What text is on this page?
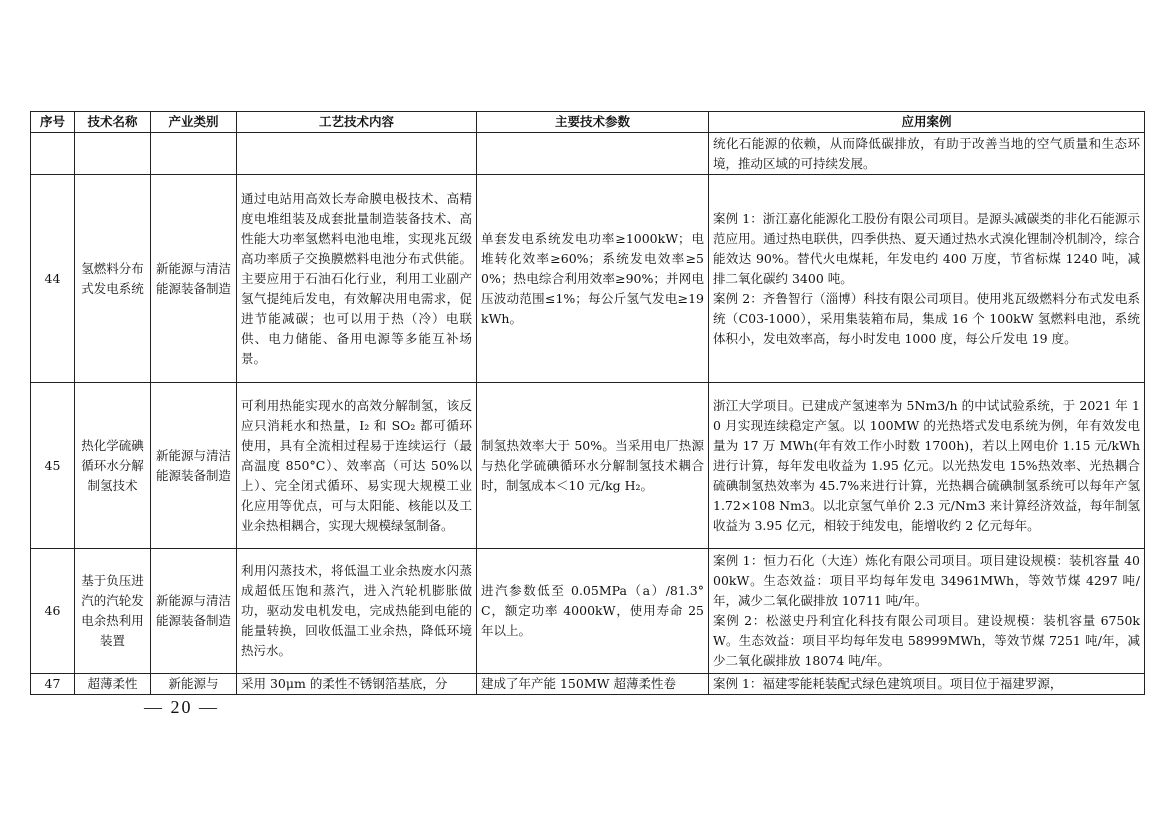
序号	技术名称	产业类别	工艺技术内容	主要技术参数	应用案例
					统化石能源的依赖，从而降低碳排放，有助于改善当地的空气质量和生态环境，推动区域的可持续发展。
44	氢燃料分布式发电系统	新能源与清洁能源装备制造	通过电站用高效长寿命膜电极技术、高精度电堆组装及成套批量制造装备技术、高性能大功率氢燃料电池电堆，实现兆瓦级高功率质子交换膜燃料电池分布式供能。主要应用于石油石化行业，利用工业副产氢气提纯后发电，有效解决用电需求，促进节能减碳；也可以用于热（冷）电联供、电力储能、备用电源等多能互补场景。	单套发电系统发电功率≥1000kW；电堆转化效率≥60%；系统发电效率≥50%；热电综合利用效率≥90%；并网电压波动范围≤1%；每公斤氢气发电≥19kWh。	案例 1：浙江嘉化能源化工股份有限公司项目。是源头减碳类的非化石能源示范应用。通过热电联供，四季供热、夏天通过热水式溴化锂制冷机制冷，综合能效达 90%。替代火电煤耗，年发电约 400 万度，节省标煤 1240 吨，减排二氧化碳约 3400 吨。
案例 2：齐鲁智行（淄博）科技有限公司项目。使用兆瓦级燃料分布式发电系统（C03-1000），采用集装箱布局，集成 16 个 100kW 氢燃料电池，系统体积小，发电效率高，每小时发电 1000 度，每公斤发电 19 度。
45	热化学硫碘循环水分解制氢技术	新能源与清洁能源装备制造	可利用热能实现水的高效分解制氢，该反应只消耗水和热量，I₂ 和 SO₂ 都可循环使用，具有全流相过程易于连续运行（最高温度 850°C）、效率高（可达 50%以上）、完全闭式循环、易实现大规模工业化应用等优点，可与太阳能、核能以及工业余热相耦合，实现大规模绿氢制备。	制氢热效率大于 50%。当采用电厂热源与热化学硫碘循环水分解制氢技术耦合时，制氢成本＜10 元/kg H₂。	浙江大学项目。已建成产氢速率为 5Nm3/h 的中试试验系统，于 2021 年 10 月实现连续稳定产氢。以 100MW 的光热塔式发电系统为例，年有效发电量为 17 万 MWh(年有效工作小时数 1700h)，若以上网电价 1.15 元/kWh 进行计算，每年发电收益为 1.95 亿元。以光热发电 15%热效率、光热耦合硫碘制氢热效率为 45.7%来进行计算，光热耦合硫碘制氢系统可以每年产氢 1.72×108 Nm3。以北京氢气单价 2.3 元/Nm3 来计算经济效益，每年制氢收益为 3.95 亿元，相较于纯发电，能增收约 2 亿元每年。
46	基于负压进汽的汽轮发电余热利用装置	新能源与清洁能源装备制造	利用闪蒸技术，将低温工业余热废水闪蒸成超低压饱和蒸汽，进入汽轮机膨胀做功，驱动发电机发电，完成热能到电能的能量转换，回收低温工业余热，降低环境热污水。	进汽参数低至 0.05MPa（a）/81.3°C，额定功率 4000kW，使用寿命 25 年以上。	案例 1：恒力石化（大连）炼化有限公司项目。项目建设规模：装机容量 4000kW。生态效益：项目平均每年发电 34961MWh，等效节煤 4297 吨/年，减少二氧化碳排放 10711 吨/年。
案例 2：松滋史丹利宜化科技有限公司项目。建设规模：装机容量 6750kW。生态效益：项目平均每年发电 58999MWh，等效节煤 7251 吨/年，减少二氧化碳排放 18074 吨/年。
47	超薄柔性	新能源与	采用 30μm 的柔性不锈钢箔基底，分	建成了年产能 150MW 超薄柔性卷	案例 1：福建零能耗装配式绿色建筑项目。项目位于福建罗源，
— 20 —
